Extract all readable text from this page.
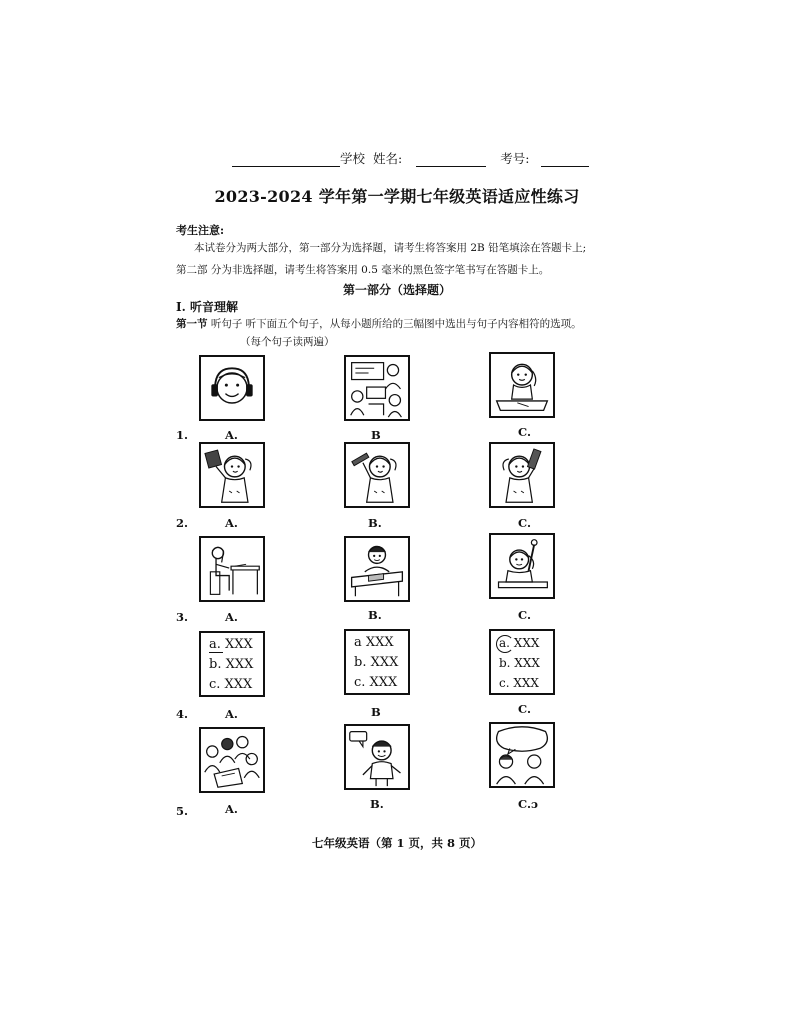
学校 姓名:	考号:
2023-2024 学年第一学期七年级英语适应性练习
考生注意:
本试卷分为两大部分，第一部分为选择题，请考生将答案用 2B 铅笔填涂在答题卡上;
第二部 分为非选择题，请考生将答案用 0.5 毫米的黑色签字笔书写在答题卡上。
第一部分（选择题）
I. 听音理解
第一节 听句子 听下面五个句子，从每小题所给的三幅图中选出与句子内容相符的选项。
（每个句子读两遍）
1.	A.	B	C.
2.	A.	B.	C.
3.	A.	B.	C.
a. XXX
b. XXX
c. XXX
a XXX
b. XXX
c. XXX
a. XXX
b. XXX
c. XXX
4.	A.	B	C.
5.	A.	B.	C.ɔ
七年级英语（第 1 页，共 8 页）
